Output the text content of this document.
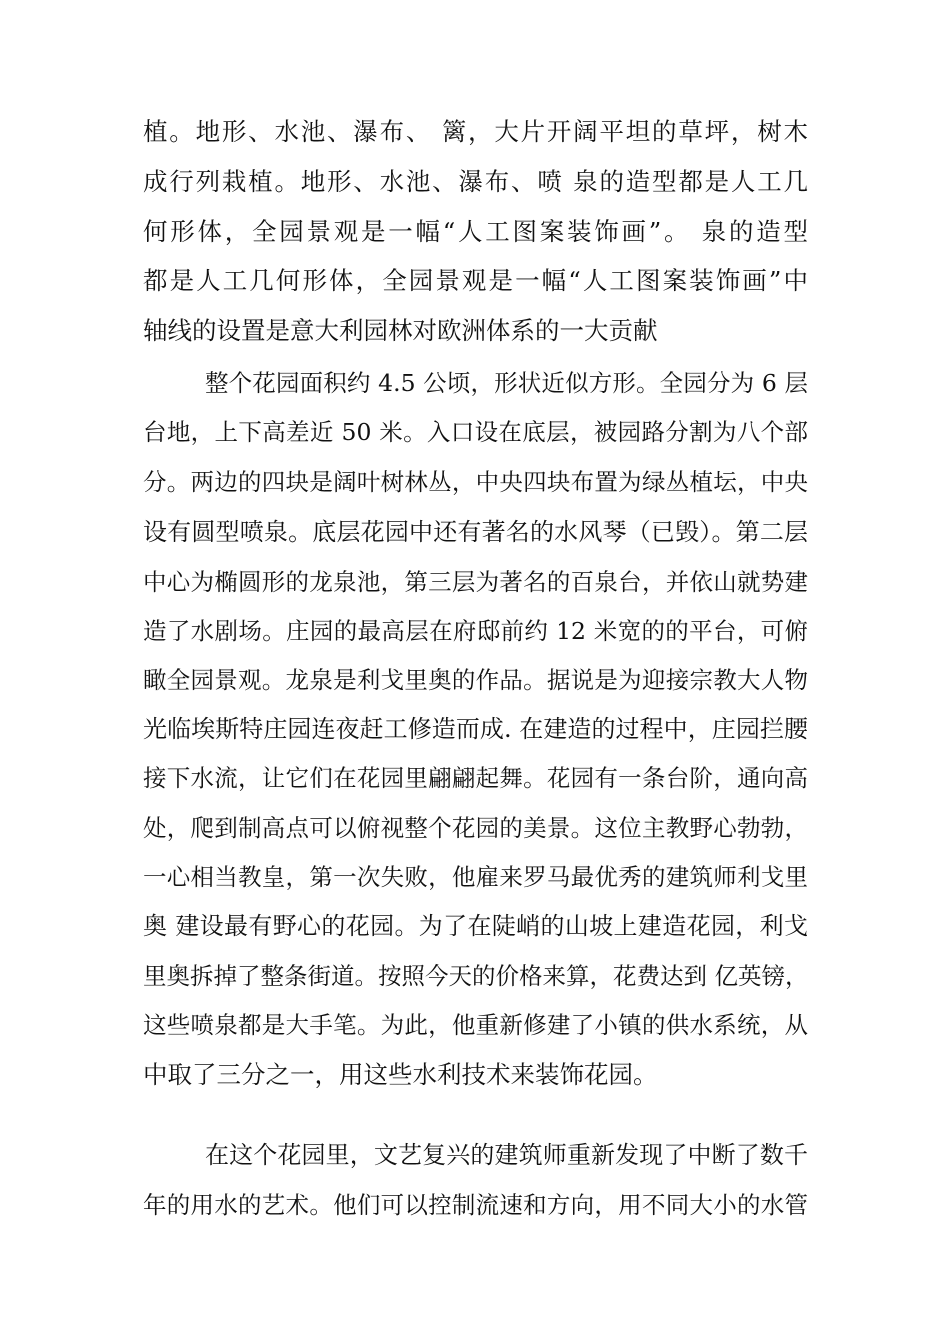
植。地形、水池、瀑布、 篱，大片开阔平坦的草坪，树木
成行列栽植。地形、水池、瀑布、喷 泉的造型都是人工几
何形体，全园景观是一幅“人工图案装饰画”。 泉的造型
都是人工几何形体，全园景观是一幅“人工图案装饰画”中
轴线的设置是意大利园林对欧洲体系的一大贡献
整个花园面积约 4.5 公顷，形状近似方形。全园分为 6 层
台地，上下高差近 50 米。入口设在底层，被园路分割为八个部
分。两边的四块是阔叶树林丛，中央四块布置为绿丛植坛，中央
设有圆型喷泉。底层花园中还有著名的水风琴（已毁）。第二层
中心为椭圆形的龙泉池，第三层为著名的百泉台，并依山就势建
造了水剧场。庄园的最高层在府邸前约 12 米宽的的平台，可俯
瞰全园景观。龙泉是利戈里奥的作品。据说是为迎接宗教大人物
光临埃斯特庄园连夜赶工修造而成. 在建造的过程中，庄园拦腰
接下水流，让它们在花园里翩翩起舞。花园有一条台阶，通向高
处，爬到制高点可以俯视整个花园的美景。这位主教野心勃勃，
一心相当教皇，第一次失败，他雇来罗马最优秀的建筑师利戈里
奥 建设最有野心的花园。为了在陡峭的山坡上建造花园，利戈
里奥拆掉了整条街道。按照今天的价格来算，花费达到 亿英镑，
这些喷泉都是大手笔。为此，他重新修建了小镇的供水系统，从
中取了三分之一，用这些水利技术来装饰花园。
在这个花园里，文艺复兴的建筑师重新发现了中断了数千
年的用水的艺术。他们可以控制流速和方向，用不同大小的水管
